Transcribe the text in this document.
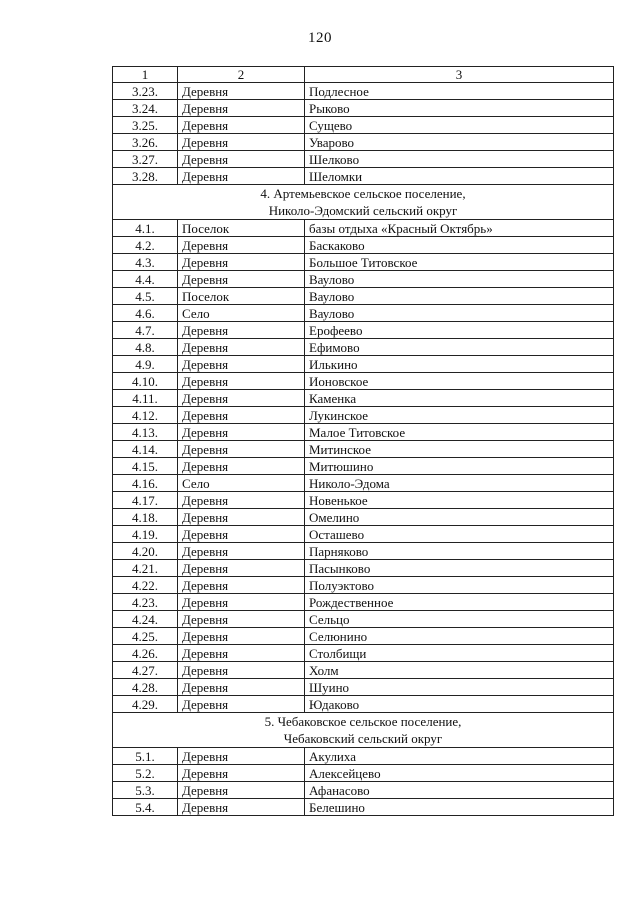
120
1	2	3
3.23.	Деревня	Подлесное
3.24.	Деревня	Рыково
3.25.	Деревня	Сущево
3.26.	Деревня	Уварово
3.27.	Деревня	Шелково
3.28.	Деревня	Шеломки

4. Артемьевское сельское поселение,
Николо-Эдомский сельский округ		

4.1.	Поселок	базы отдыха «Красный Октябрь»
4.2.	Деревня	Баскаково
4.3.	Деревня	Большое Титовское
4.4.	Деревня	Ваулово
4.5.	Поселок	Ваулово
4.6.	Село	Ваулово
4.7.	Деревня	Ерофеево
4.8.	Деревня	Ефимово
4.9.	Деревня	Илькино
4.10.	Деревня	Ионовское
4.11.	Деревня	Каменка
4.12.	Деревня	Лукинское
4.13.	Деревня	Малое Титовское
4.14.	Деревня	Митинское
4.15.	Деревня	Митюшино
4.16.	Село	Николо-Эдома
4.17.	Деревня	Новенькое
4.18.	Деревня	Омелино
4.19.	Деревня	Осташево
4.20.	Деревня	Парняково
4.21.	Деревня	Пасынково
4.22.	Деревня	Полуэктово
4.23.	Деревня	Рождественное
4.24.	Деревня	Сельцо
4.25.	Деревня	Селюнино
4.26.	Деревня	Столбищи
4.27.	Деревня	Холм
4.28.	Деревня	Шуино
4.29.	Деревня	Юдаково

5. Чебаковское сельское поселение,
Чебаковский сельский округ		

5.1.	Деревня	Акулиха
5.2.	Деревня	Алексейцево
5.3.	Деревня	Афанасово
5.4.	Деревня	Белешино
